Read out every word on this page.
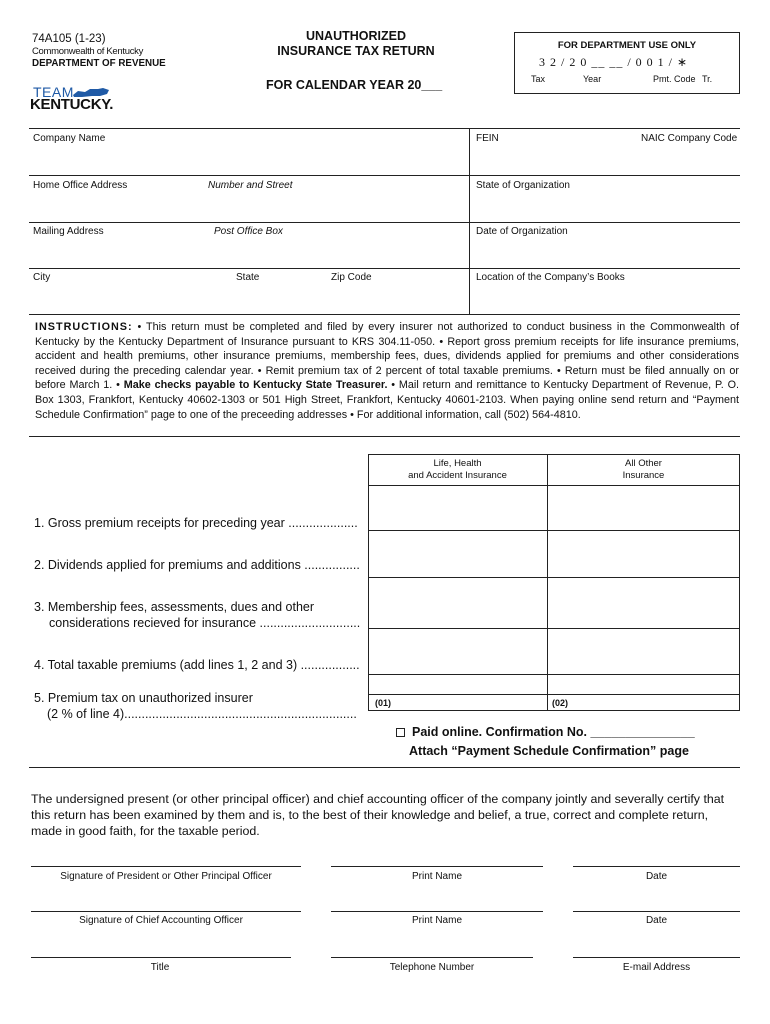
74A105 (1-23)
Commonwealth of Kentucky
DEPARTMENT OF REVENUE
TEAM
KENTUCKY.
UNAUTHORIZED
INSURANCE TAX RETURN
FOR CALENDAR YEAR 20___
FOR DEPARTMENT USE ONLY
3 2 / 2 0 __ __ / 0 0 1 / ∗
Tax	Year	Pmt. Code Tr.
Company Name	FEIN	NAIC Company Code
Home Office Address	Number and Street	State of Organization
Mailing Address	Post Office Box	Date of Organization
City	State	Zip Code	Location of the Company’s Books
INSTRUCTIONS: • This return must be completed and filed by every insurer not authorized to conduct business in the Commonwealth of Kentucky by the Kentucky Department of Insurance pursuant to KRS 304.11-050. • Report gross premium receipts for life insurance premiums, accident and health premiums, other insurance premiums, membership fees, dues, dividends applied for premiums and other considerations received during the preceding calendar year. • Remit premium tax of 2 percent of total taxable premiums. • Return must be filed annually on or before March 1. • Make checks payable to Kentucky State Treasurer. • Mail return and remittance to Kentucky Department of Revenue, P. O. Box 1303, Frankfort, Kentucky 40602-1303 or 501 High Street, Frankfort, Kentucky 40601-2103. When paying online send return and “Payment Schedule Confirmation” page to one of the preceeding addresses • For additional information, call (502) 564-4810.
Life, Health
and Accident Insurance
All Other
Insurance
1. Gross premium receipts for preceding year ....................
2. Dividends applied for premiums and additions ................
3. Membership fees, assessments, dues and other
considerations recieved for insurance .............................
4. Total taxable premiums (add lines 1, 2 and 3) .................
5. Premium tax on unauthorized insurer
(2 % of line 4)...................................................................
(01)	(02)
Paid online. Confirmation No. _______________
Attach “Payment Schedule Confirmation” page
The undersigned present (or other principal officer) and chief accounting officer of the company jointly and severally certify that this return has been examined by them and is, to the best of their knowledge and belief, a true, correct and complete return, made in good faith, for the taxable period.
Signature of President or Other Principal Officer	Print Name	Date
Signature of Chief Accounting Officer	Print Name	Date
Title	Telephone Number	E-mail Address
